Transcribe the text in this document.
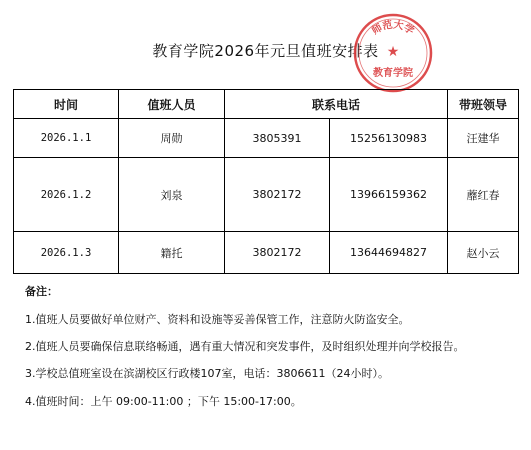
教育学院2026年元旦值班安排表
师范大学
★
教育学院
时间	值班人员	联系电话		带班领导
2026.1.1	周勋	3805391	15256130983	汪建华
2026.1.2	刘泉	3802172	13966159362	蘼红春
2026.1.3	籍托	3802172	13644694827	赵小云
备注：

1.值班人员要做好单位财产、资料和设施等妥善保管工作，注意防火防盗安全。

2.值班人员要确保信息联络畅通，遇有重大情况和突发事件，及时组织处理并向学校报告。

3.学校总值班室设在滨湖校区行政楼107室，电话：3806611（24小时）。

4.值班时间：上午 09:00-11:00 ；下午 15:00-17:00。
